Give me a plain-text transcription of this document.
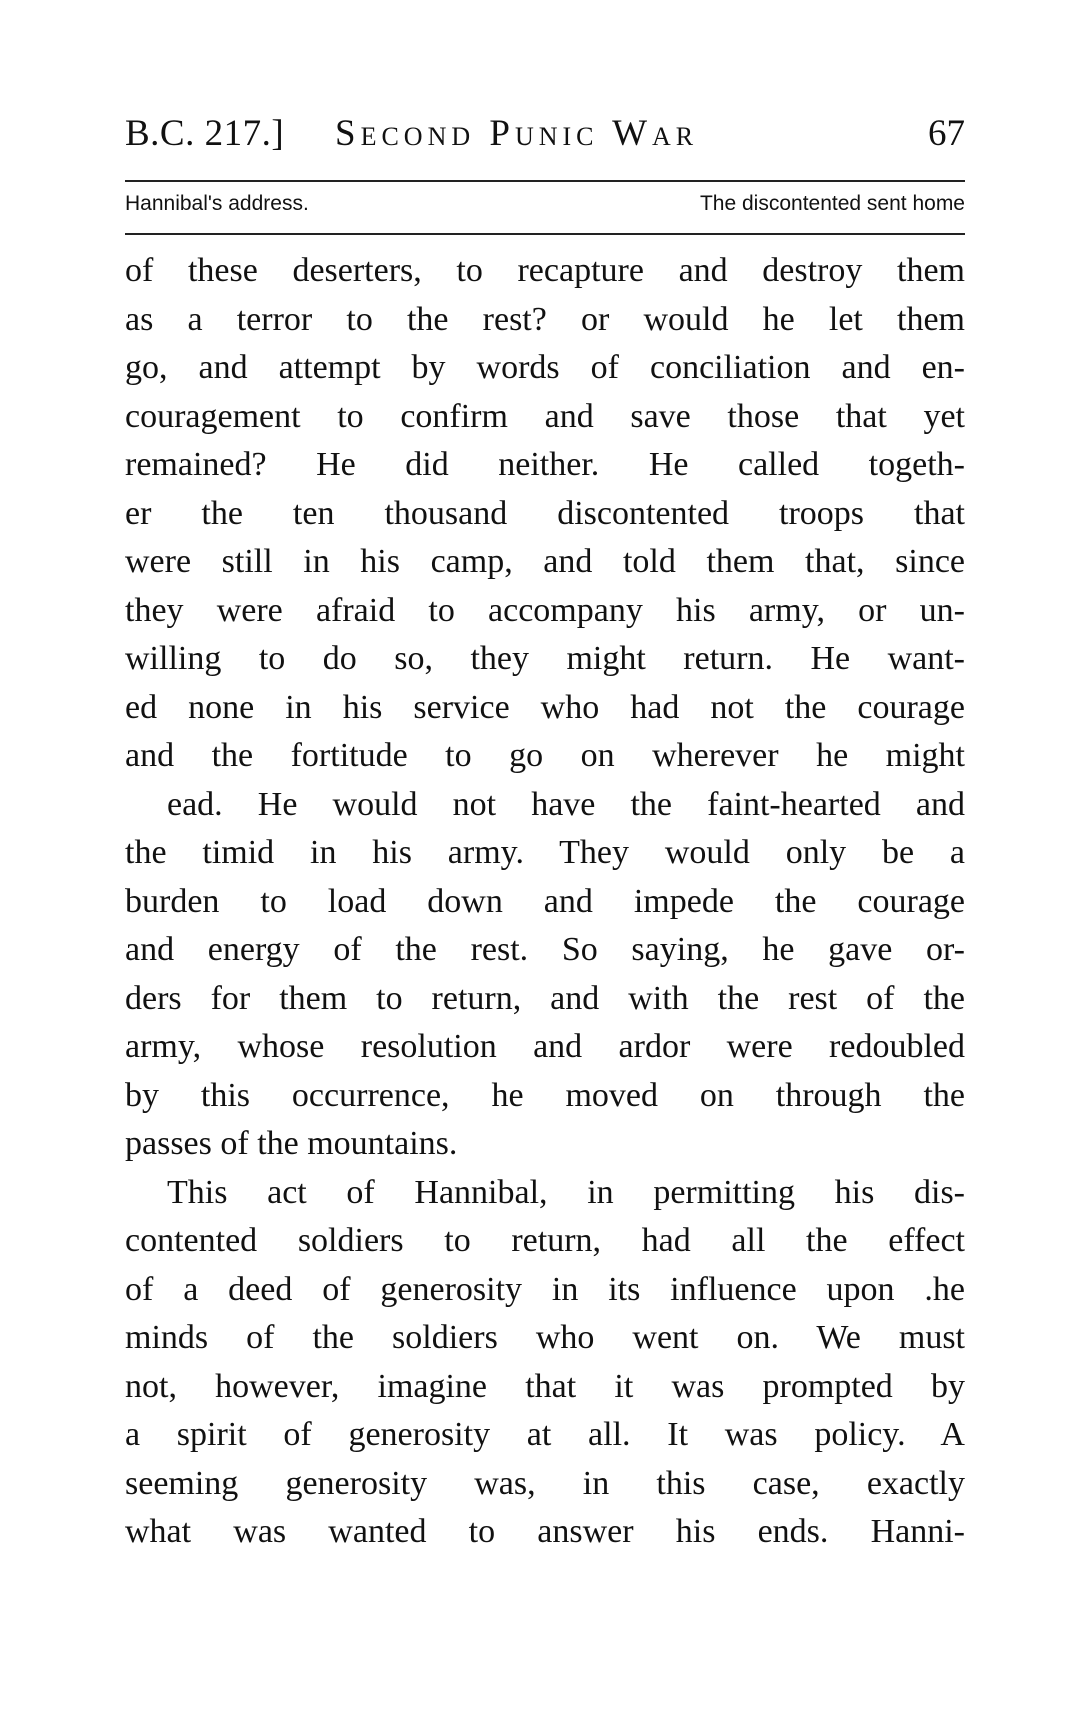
B.C. 217.] Second Punic War	67
Hannibal's address.	The discontented sent home
of these deserters, to recapture and destroy them
as a terror to the rest? or would he let them
go, and attempt by words of conciliation and en-
couragement to confirm and save those that yet
remained? He did neither. He called togeth-
er the ten thousand discontented troops that
were still in his camp, and told them that, since
they were afraid to accompany his army, or un-
willing to do so, they might return. He want-
ed none in his service who had not the courage
and the fortitude to go on wherever he might
ead. He would not have the faint-hearted and
the timid in his army. They would only be a
burden to load down and impede the courage
and energy of the rest. So saying, he gave or-
ders for them to return, and with the rest of the
army, whose resolution and ardor were redoubled
by this occurrence, he moved on through the
passes of the mountains.
This act of Hannibal, in permitting his dis-
contented soldiers to return, had all the effect
of a deed of generosity in its influence upon .he
minds of the soldiers who went on. We must
not, however, imagine that it was prompted by
a spirit of generosity at all. It was policy. A
seeming generosity was, in this case, exactly
what was wanted to answer his ends. Hanni-
